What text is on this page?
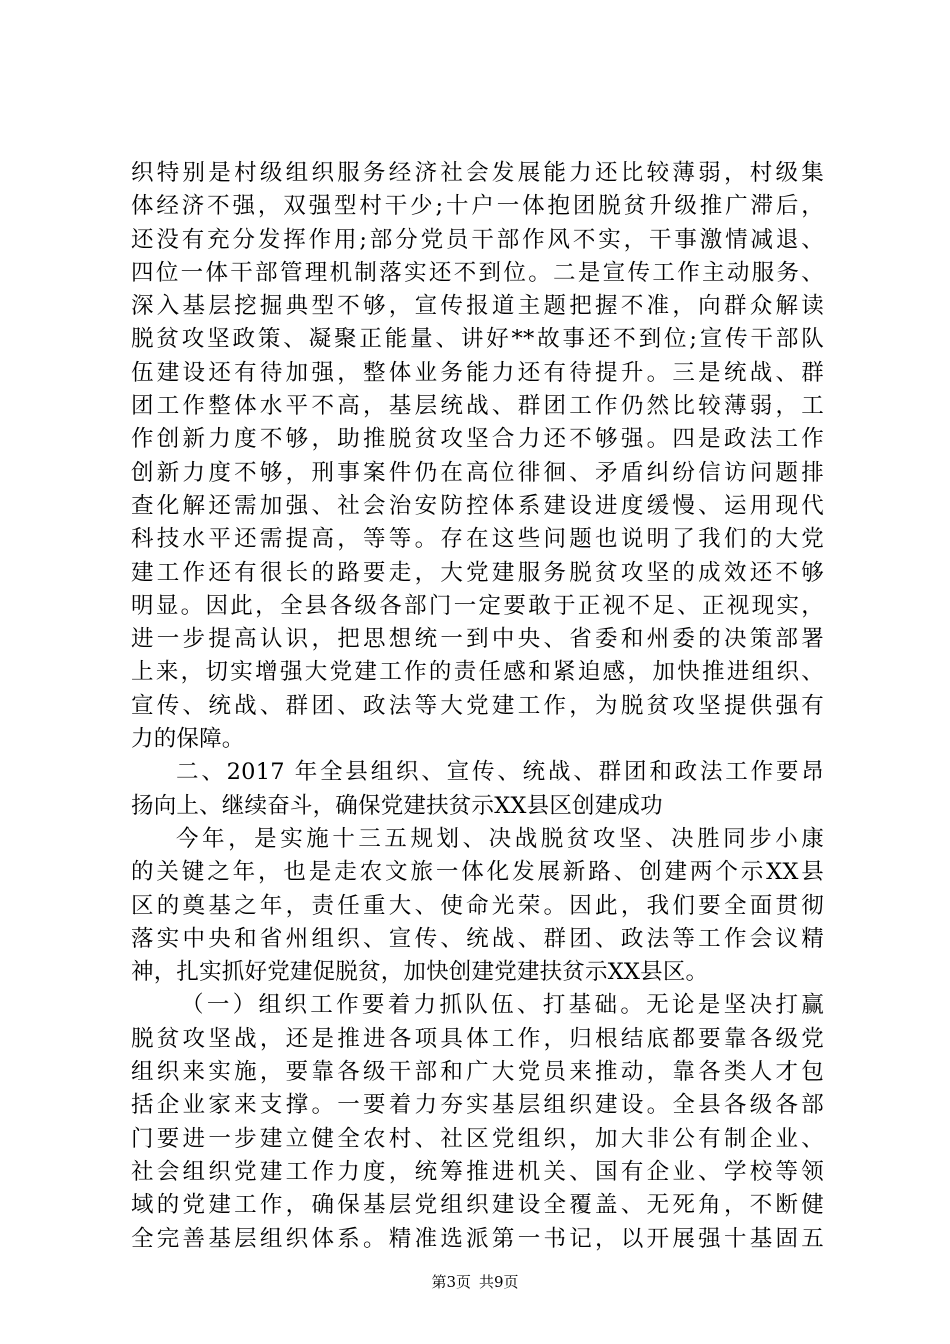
织特别是村级组织服务经济社会发展能力还比较薄弱，村级集
体经济不强，双强型村干少;十户一体抱团脱贫升级推广滞后，
还没有充分发挥作用;部分党员干部作风不实，干事激情减退、
四位一体干部管理机制落实还不到位。二是宣传工作主动服务、
深入基层挖掘典型不够，宣传报道主题把握不准，向群众解读
脱贫攻坚政策、凝聚正能量、讲好**故事还不到位;宣传干部队
伍建设还有待加强，整体业务能力还有待提升。三是统战、群
团工作整体水平不高，基层统战、群团工作仍然比较薄弱，工
作创新力度不够，助推脱贫攻坚合力还不够强。四是政法工作
创新力度不够，刑事案件仍在高位徘徊、矛盾纠纷信访问题排
查化解还需加强、社会治安防控体系建设进度缓慢、运用现代
科技水平还需提高，等等。存在这些问题也说明了我们的大党
建工作还有很长的路要走，大党建服务脱贫攻坚的成效还不够
明显。因此，全县各级各部门一定要敢于正视不足、正视现实，
进一步提高认识，把思想统一到中央、省委和州委的决策部署
上来，切实增强大党建工作的责任感和紧迫感，加快推进组织、
宣传、统战、群团、政法等大党建工作，为脱贫攻坚提供强有
力的保障。
二、2017 年全县组织、宣传、统战、群团和政法工作要昂
扬向上、继续奋斗，确保党建扶贫示XX县区创建成功
今年，是实施十三五规划、决战脱贫攻坚、决胜同步小康
的关键之年，也是走农文旅一体化发展新路、创建两个示XX县
区的奠基之年，责任重大、使命光荣。因此，我们要全面贯彻
落实中央和省州组织、宣传、统战、群团、政法等工作会议精
神，扎实抓好党建促脱贫，加快创建党建扶贫示XX县区。
（一）组织工作要着力抓队伍、打基础。无论是坚决打赢
脱贫攻坚战，还是推进各项具体工作，归根结底都要靠各级党
组织来实施，要靠各级干部和广大党员来推动，靠各类人才包
括企业家来支撑。一要着力夯实基层组织建设。全县各级各部
门要进一步建立健全农村、社区党组织，加大非公有制企业、
社会组织党建工作力度，统筹推进机关、国有企业、学校等领
域的党建工作，确保基层党组织建设全覆盖、无死角，不断健
全完善基层组织体系。精准选派第一书记，以开展强十基固五
第3页 共9页
